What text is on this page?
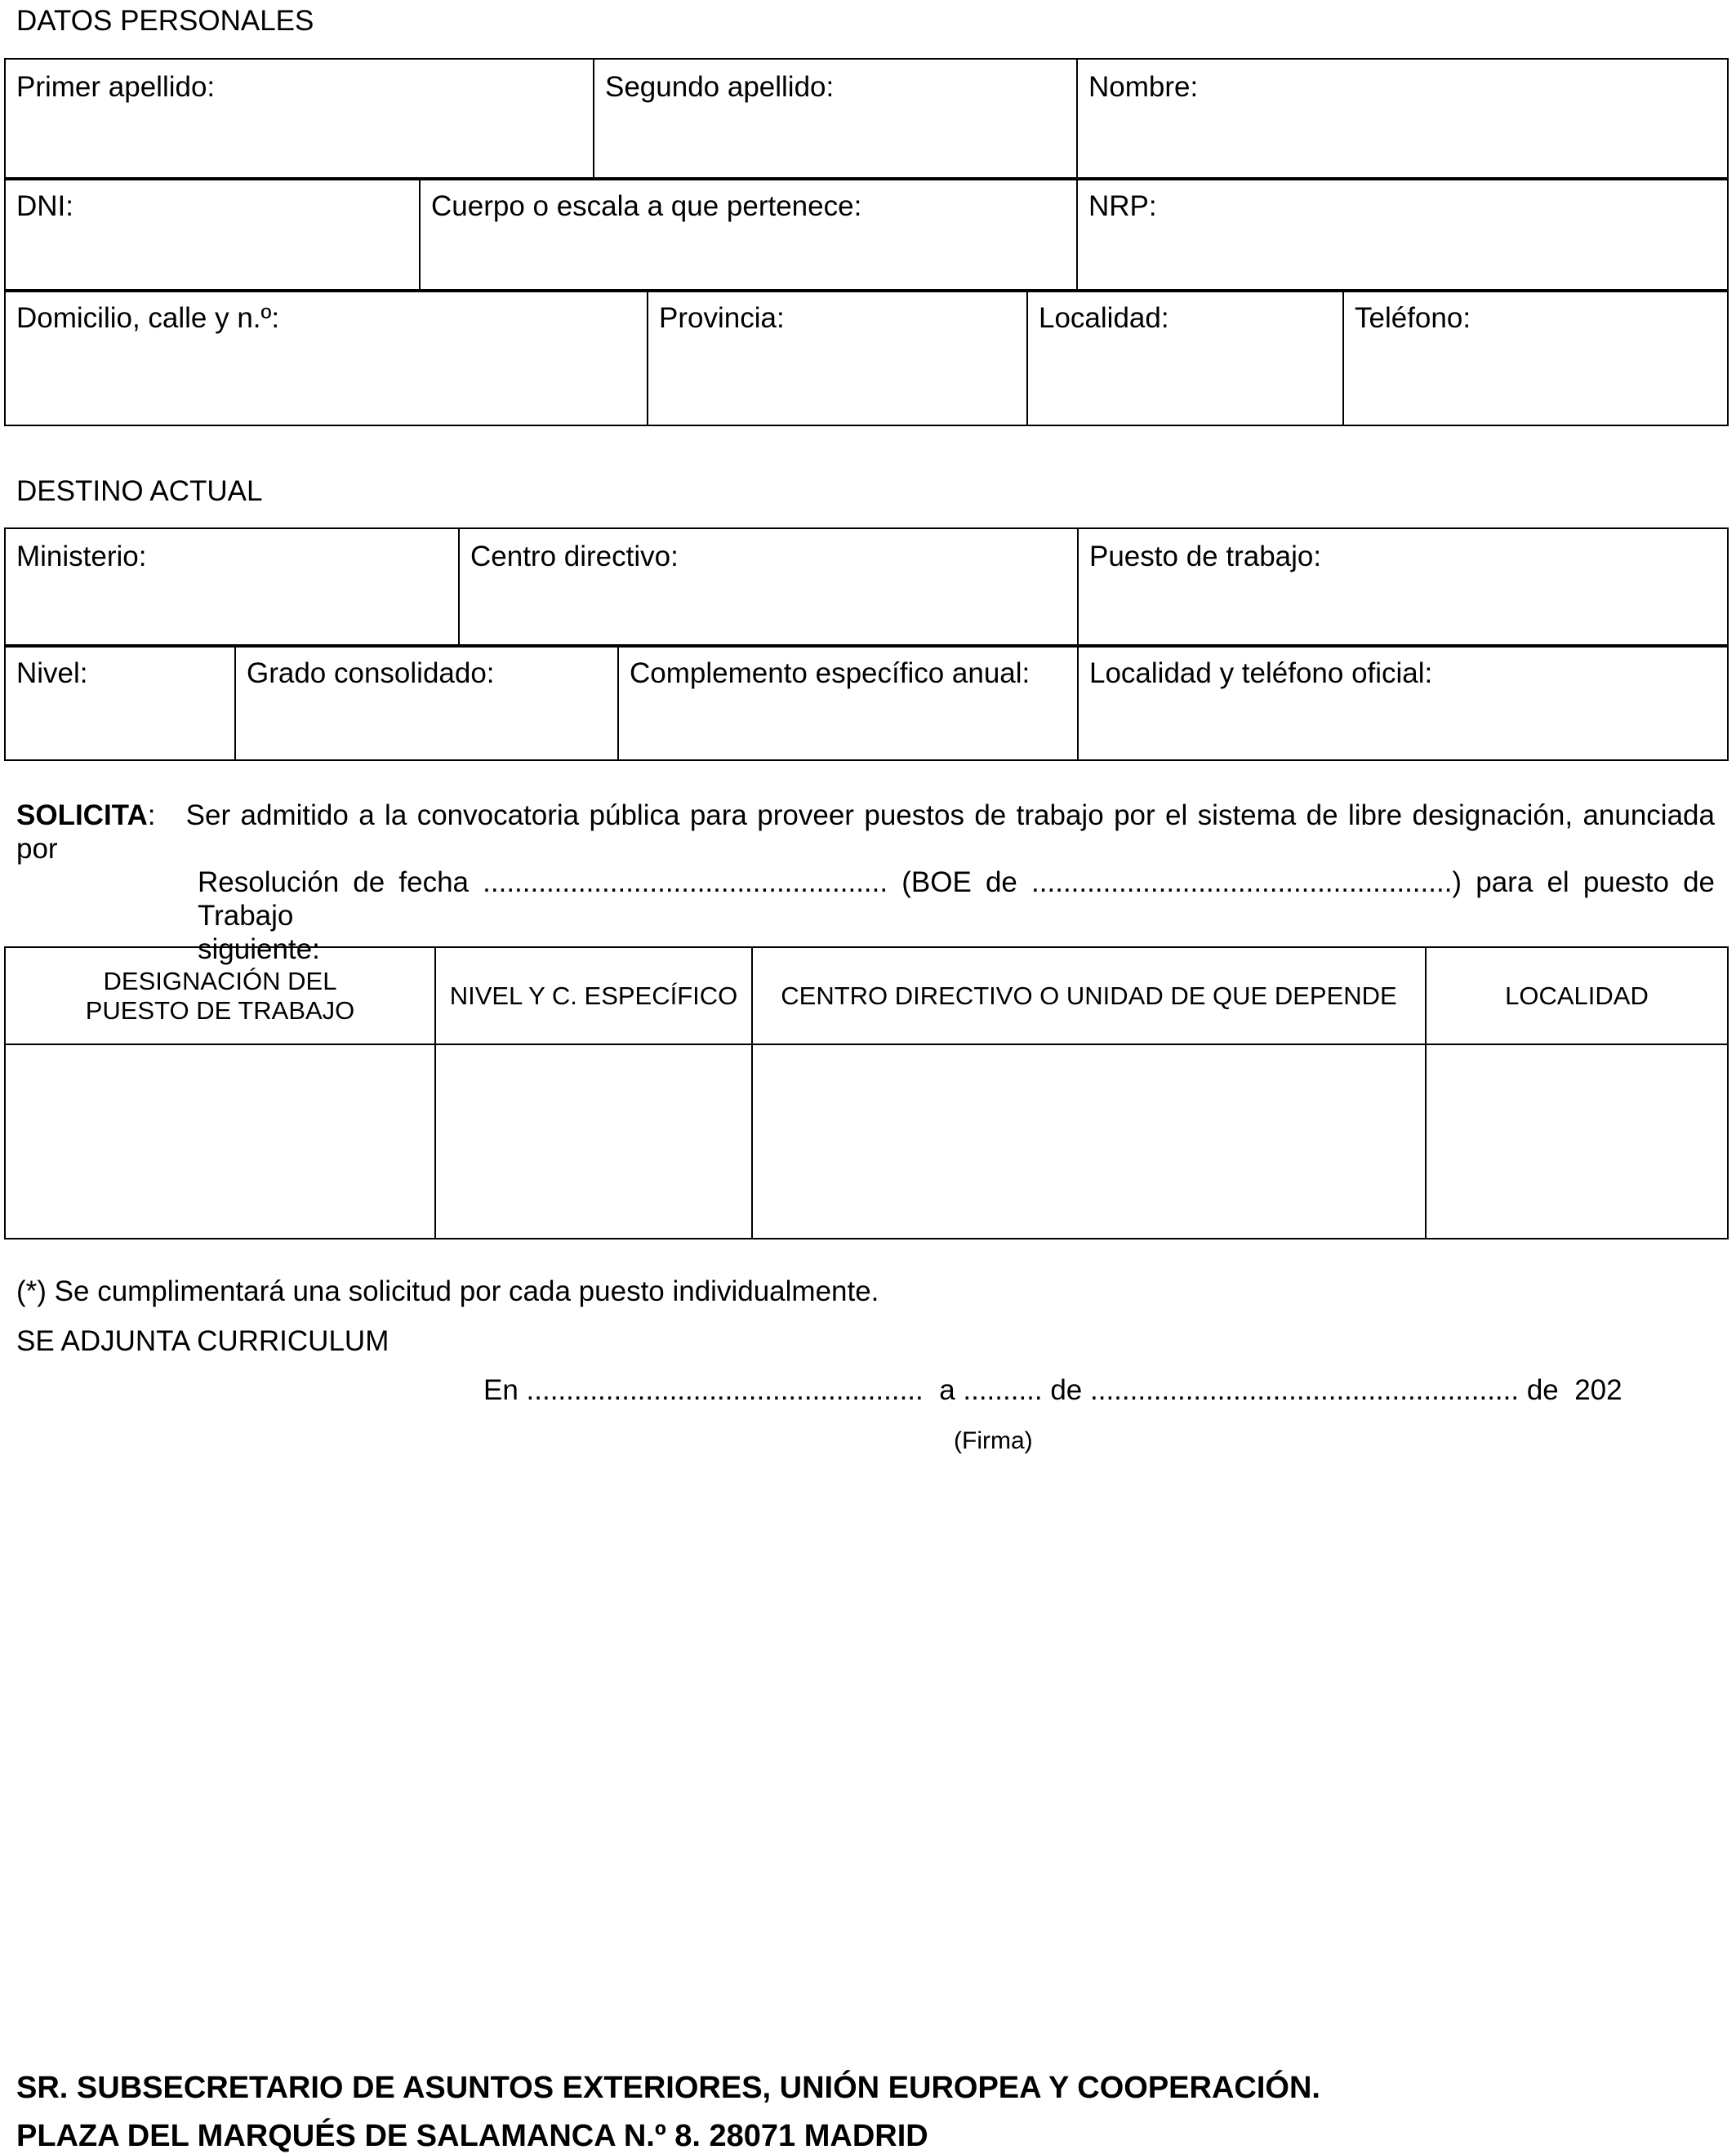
DATOS PERSONALES

Primer apellido:	Segundo apellido:	Nombre:
DNI:	Cuerpo o escala a que pertenece:	NRP:
Domicilio, calle y n.º:	Provincia:	Localidad:	Teléfono:

DESTINO ACTUAL

Ministerio:	Centro directivo:	Puesto de trabajo:
Nivel:	Grado consolidado:	Complemento específico anual:	Localidad y teléfono oficial:
SOLICITA: Ser admitido a la convocatoria pública para proveer puestos de trabajo por el sistema de libre designación, anunciada por
Resolución de fecha ................................................... (BOE de .....................................................) para el puesto de Trabajo
siguiente:
DESIGNACIÓN DEL PUESTO DE TRABAJO	NIVEL Y C. ESPECÍFICO	CENTRO DIRECTIVO O UNIDAD DE QUE DEPENDE	LOCALIDAD

(*) Se cumplimentará una solicitud por cada puesto individualmente.

SE ADJUNTA CURRICULUM

En ..................................................  a .......... de ...................................................... de  202

(Firma)

SR. SUBSECRETARIO DE ASUNTOS EXTERIORES, UNIÓN EUROPEA Y COOPERACIÓN.

PLAZA DEL MARQUÉS DE SALAMANCA N.º 8. 28071 MADRID
